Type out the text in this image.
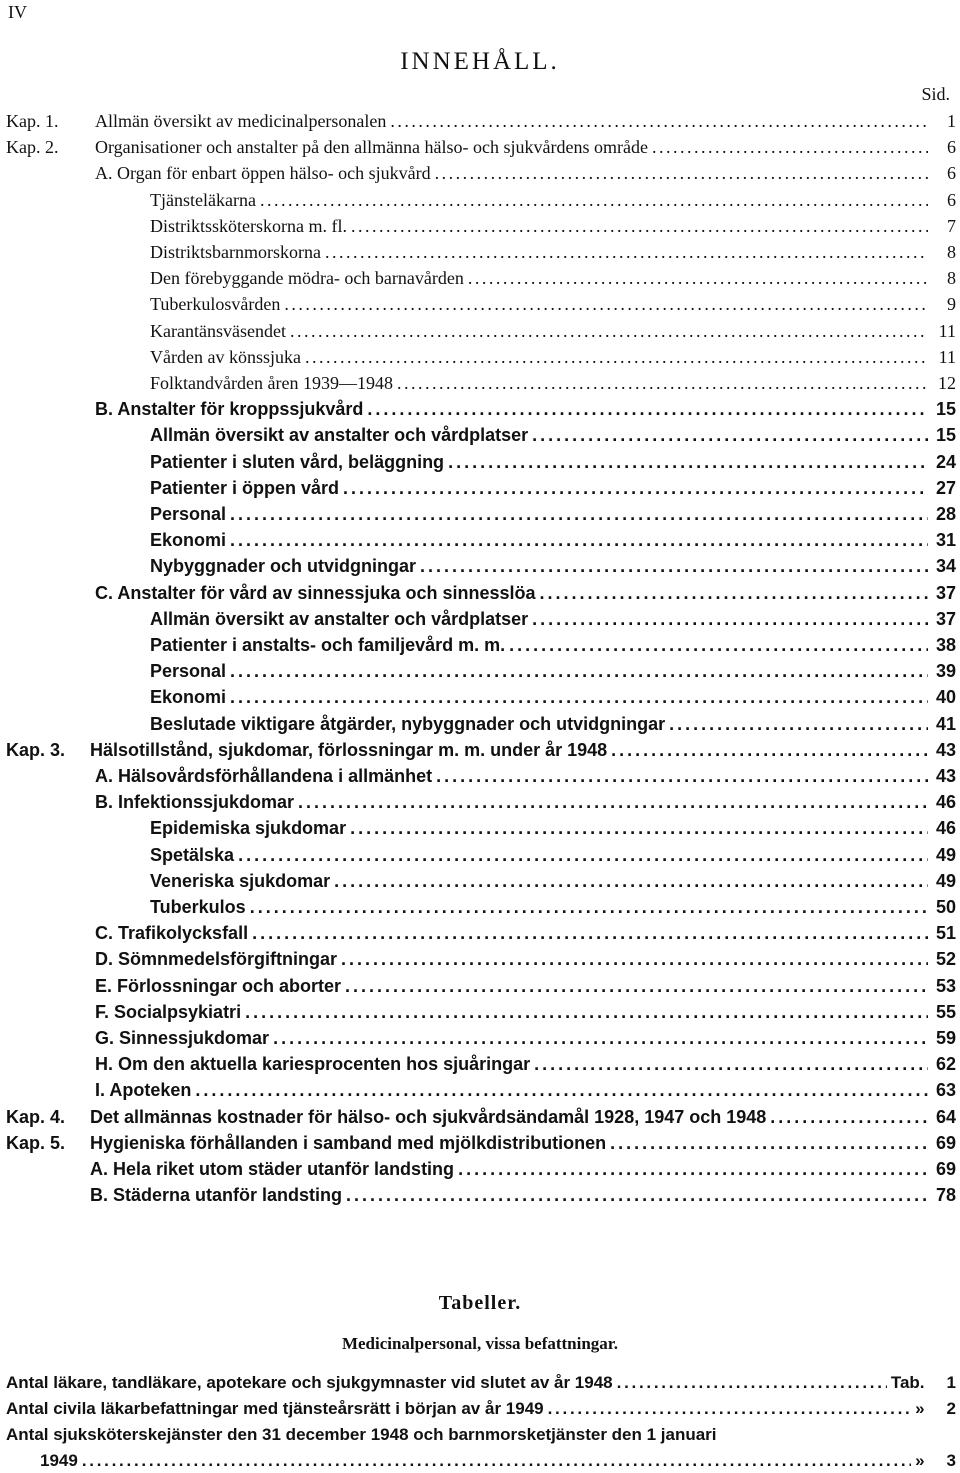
IV
INNEHÅLL.
Sid.
Kap. 1. Allmän översikt av medicinalpersonalen . . .	1
Kap. 2. Organisationer och anstalter på den allmänna hälso- och sjukvårdens område . . .	6
A. Organ för enbart öppen hälso- och sjukvård . . .	6
Tjänsteläkarna . . .	6
Distriktssköterskorna m. fl. . . .	7
Distriktsbarnmorskorna . . .	8
Den förebyggande mödra- och barnavården . . .	8
Tuberkulosvården . . .	9
Karantänsväsendet . . .	11
Vården av könssjuka . . .	11
Folktandvården åren 1939—1948 . . .	12
B. Anstalter för kroppssjukvård . . .	15
Allmän översikt av anstalter och vårdplatser . . .	15
Patienter i sluten vård, beläggning . . .	24
Patienter i öppen vård . . .	27
Personal . . .	28
Ekonomi . . .	31
Nybyggnader och utvidgningar . . .	34
C. Anstalter för vård av sinnessjuka och sinnesslöa . . .	37
Allmän översikt av anstalter och vårdplatser . . .	37
Patienter i anstalts- och familjevård m. m. . . .	38
Personal . . .	39
Ekonomi . . .	40
Beslutade viktigare åtgärder, nybyggnader och utvidgningar . . .	41
Kap. 3. Hälsotillstånd, sjukdomar, förlossningar m. m. under år 1948 . . .	43
A. Hälsovårdsförhållandena i allmänhet . . .	43
B. Infektionssjukdomar . . .	46
Epidemiska sjukdomar . . .	46
Spetälska . . .	49
Veneriska sjukdomar . . .	49
Tuberkulos . . .	50
C. Trafikolycksfall . . .	51
D. Sömnmedelsförgiftningar . . .	52
E. Förlossningar och aborter . . .	53
F. Socialpsykiatri . . .	55
G. Sinnessjukdomar . . .	59
H. Om den aktuella kariesprocenten hos sjuåringar . . .	62
I. Apoteken . . .	63
Kap. 4. Det allmännas kostnader för hälso- och sjukvårdsändamål 1928, 1947 och 1948 . . .	64
Kap. 5. Hygieniska förhållanden i samband med mjölkdistributionen . . .	69
A. Hela riket utom städer utanför landsting . . .	69
B. Städerna utanför landsting . . .	78
Tabeller.
Medicinalpersonal, vissa befattningar.
Antal läkare, tandläkare, apotekare och sjukgymnaster vid slutet av år 1948 . . .	Tab. 1
Antal civila läkarbefattningar med tjänsteårsrätt i början av år 1949 . . .	» 2
Antal sjuksköterskejänster den 31 december 1948 och barnmorsketjänster den 1 januari
1949 . . .	» 3
